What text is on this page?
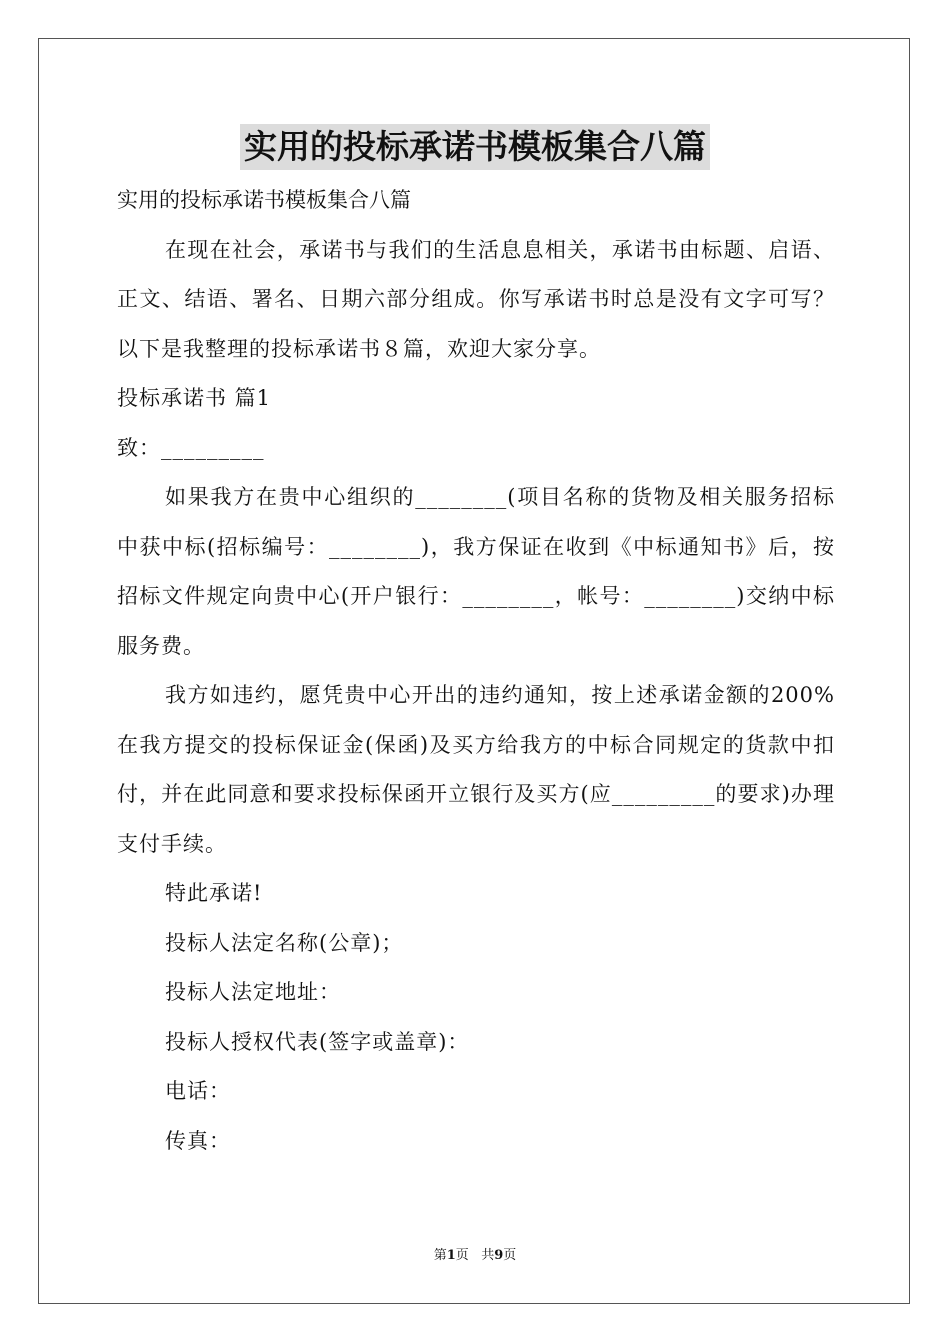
实用的投标承诺书模板集合八篇

实用的投标承诺书模板集合八篇

在现在社会，承诺书与我们的生活息息相关，承诺书由标题、启语、正文、结语、署名、日期六部分组成。你写承诺书时总是没有文字可写？以下是我整理的投标承诺书８篇，欢迎大家分享。

投标承诺书 篇1

致：_________

如果我方在贵中心组织的________(项目名称的货物及相关服务招标中获中标(招标编号：________)，我方保证在收到《中标通知书》后，按招标文件规定向贵中心(开户银行：________，帐号：________)交纳中标服务费。

我方如违约，愿凭贵中心开出的违约通知，按上述承诺金额的200%在我方提交的投标保证金(保函)及买方给我方的中标合同规定的货款中扣付，并在此同意和要求投标保函开立银行及买方(应_________的要求)办理支付手续。

特此承诺!

投标人法定名称(公章)；

投标人法定地址：

投标人授权代表(签字或盖章)：

电话：

传真：

第1页 共9页
